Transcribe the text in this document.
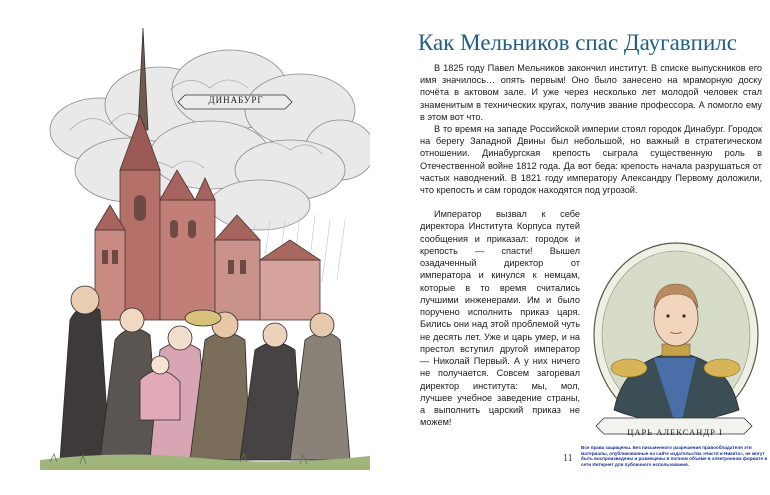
ДИНАБУРГ
Как Мельников спас Даугавпилс

В 1825 году Павел Мельников закончил институт. В списке выпускников его имя значилось… опять первым! Оно было занесено на мраморную доску почёта в актовом зале. И уже через несколько лет молодой человек стал знаменитым в технических кругах, получив звание профессора. А помогло ему в этом вот что.

В то время на западе Российской империи стоял городок Динабург. Городок на берегу Западной Двины был небольшой, но важный в стратегическом отношении. Динабургская крепость сыграла существенную роль в Отечественной войне 1812 года. Да вот беда: крепость начала разрушаться от частых наводнений. В 1821 году императору Александру Первому доложили, что крепость и сам городок находятся под угрозой.

Император вызвал к себе директора Института Корпуса путей сообщения и приказал: городок и крепость — спасти! Вышел озадаченный директор от императора и кинулся к немцам, которые в то время считались лучшими инженерами. Им и было поручено исполнить приказ царя. Бились они над этой проблемой чуть не десять лет. Уже и царь умер, и на престол вступил другой император — Николай Первый. А у них ничего не получается. Совсем загоревал директор института: мы, мол, лучшее учебное заведение страны, а выполнить царский приказ не можем!

ЦАРЬ АЛЕКСАНДР I
11
Все права защищены. Без письменного разрешения правообладателя эти материалы, опубликованные на сайте издательства «Настя и Никита», не могут быть воспроизведены и размещены в полном объеме в электронном формате в сети Интернет для публичного использования.
